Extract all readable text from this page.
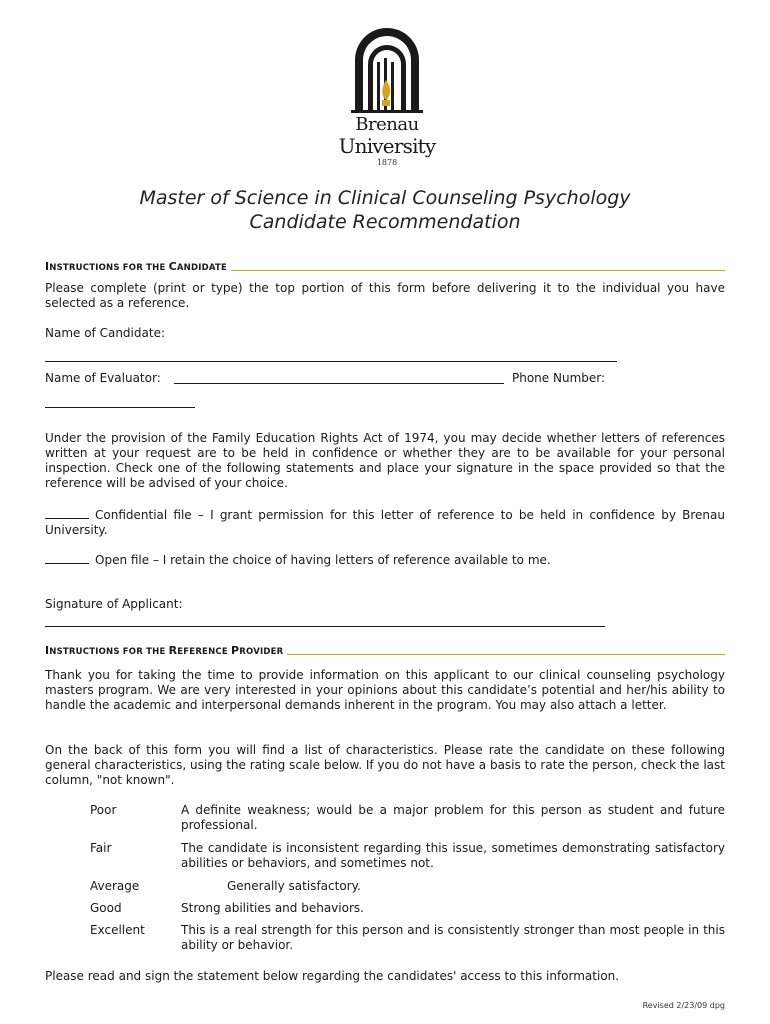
Brenau
University
1878
Master of Science in Clinical Counseling Psychology
Candidate Recommendation
INSTRUCTIONS FOR THE CANDIDATE
Please complete (print or type) the top portion of this form before delivering it to the individual you have selected as a reference.
Name of Candidate:
Name of Evaluator:	Phone Number:
Under the provision of the Family Education Rights Act of 1974, you may decide whether letters of references written at your request are to be held in confidence or whether they are to be available for your personal inspection. Check one of the following statements and place your signature in the space provided so that the reference will be advised of your choice.
Confidential file – I grant permission for this letter of reference to be held in confidence by Brenau University.
Open file – I retain the choice of having letters of reference available to me.
Signature of Applicant:
INSTRUCTIONS FOR THE REFERENCE PROVIDER
Thank you for taking the time to provide information on this applicant to our clinical counseling psychology masters program. We are very interested in your opinions about this candidate’s potential and her/his ability to handle the academic and interpersonal demands inherent in the program. You may also attach a letter.
On the back of this form you will find a list of characteristics. Please rate the candidate on these following general characteristics, using the rating scale below. If you do not have a basis to rate the person, check the last column, "not known".
Poor	A definite weakness; would be a major problem for this person as student and future professional.
Fair	The candidate is inconsistent regarding this issue, sometimes demonstrating satisfactory abilities or behaviors, and sometimes not.
Average	Generally satisfactory.
Good	Strong abilities and behaviors.
Excellent	This is a real strength for this person and is consistently stronger than most people in this ability or behavior.
Please read and sign the statement below regarding the candidates' access to this information.
Revised 2/23/09 dpg
